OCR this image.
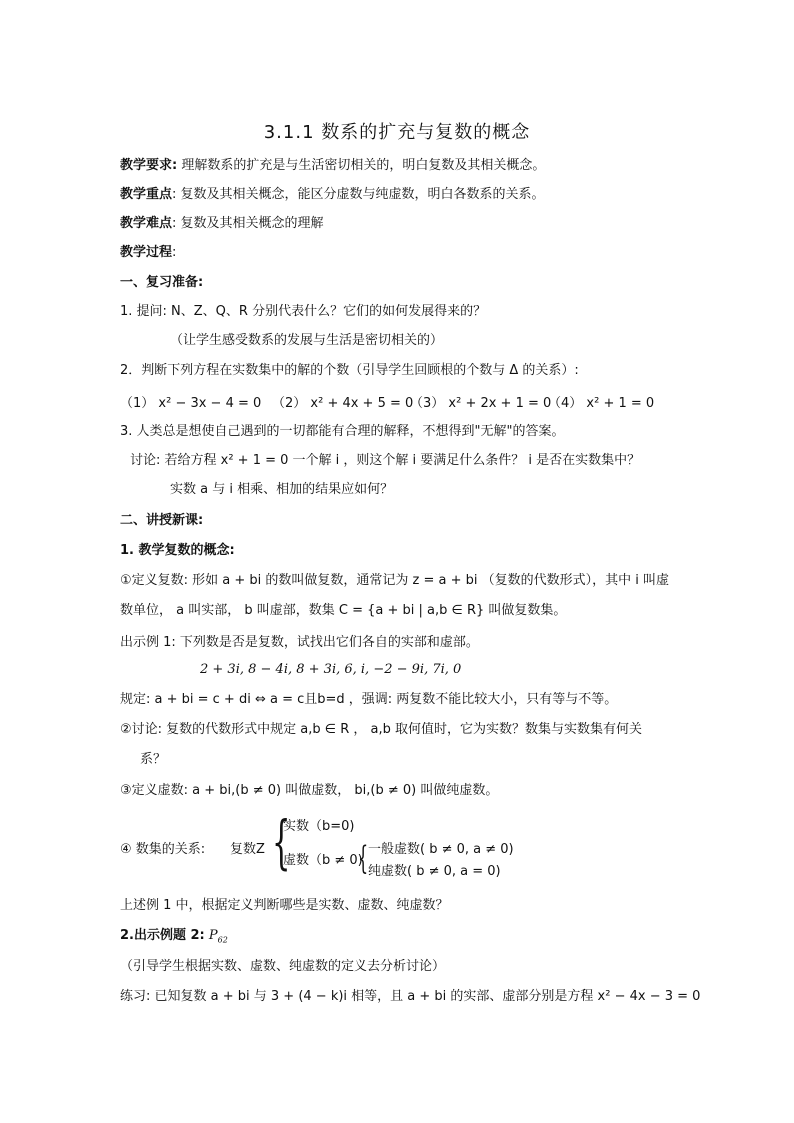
3.1.1 数系的扩充与复数的概念
教学要求: 理解数系的扩充是与生活密切相关的，明白复数及其相关概念。
教学重点: 复数及其相关概念，能区分虚数与纯虚数，明白各数系的关系。
教学难点: 复数及其相关概念的理解
教学过程:
一、复习准备:
1. 提问: N、Z、Q、R 分别代表什么？它们的如何发展得来的？
（让学生感受数系的发展与生活是密切相关的）
2．判断下列方程在实数集中的解的个数（引导学生回顾根的个数与 Δ 的关系）:
（1） x² − 3x − 4 = 0 （2） x² + 4x + 5 = 0
（3） x² + 2x + 1 = 0
（4） x² + 1 = 0
3. 人类总是想使自己遇到的一切都能有合理的解释，不想得到"无解"的答案。
讨论: 若给方程 x² + 1 = 0 一个解 i ，则这个解 i 要满足什么条件？ i 是否在实数集中？
实数 a 与 i 相乘、相加的结果应如何？
二、讲授新课:
1. 教学复数的概念:
①定义复数: 形如 a + bi 的数叫做复数，通常记为 z = a + bi （复数的代数形式），其中 i 叫虚
数单位， a 叫实部， b 叫虚部，数集 C = {a + bi | a,b ∈ R} 叫做复数集。
出示例 1: 下列数是否是复数，试找出它们各自的实部和虚部。
2 + 3i, 8 − 4i, 8 + 3i, 6, i, −2 − 9i, 7i, 0
规定: a + bi = c + di ⇔ a = c且b=d ，强调: 两复数不能比较大小，只有等与不等。
②讨论: 复数的代数形式中规定 a,b ∈ R ， a,b 取何值时，它为实数？数集与实数集有何关
系？
③定义虚数: a + bi,(b ≠ 0) 叫做虚数， bi,(b ≠ 0) 叫做纯虚数。
④ 数集的关系: 复数Z {
实数（b=0)
虚数（b ≠ 0)
{ 一般虚数( b ≠ 0, a ≠ 0)
纯虚数( b ≠ 0, a = 0)
上述例 1 中，根据定义判断哪些是实数、虚数、纯虚数？
2.出示例题 2: $P_{62}$
（引导学生根据实数、虚数、纯虚数的定义去分析讨论）
练习: 已知复数 a + bi 与 3 + (4 − k)i 相等，且 a + bi 的实部、虚部分别是方程 x² − 4x − 3 = 0
